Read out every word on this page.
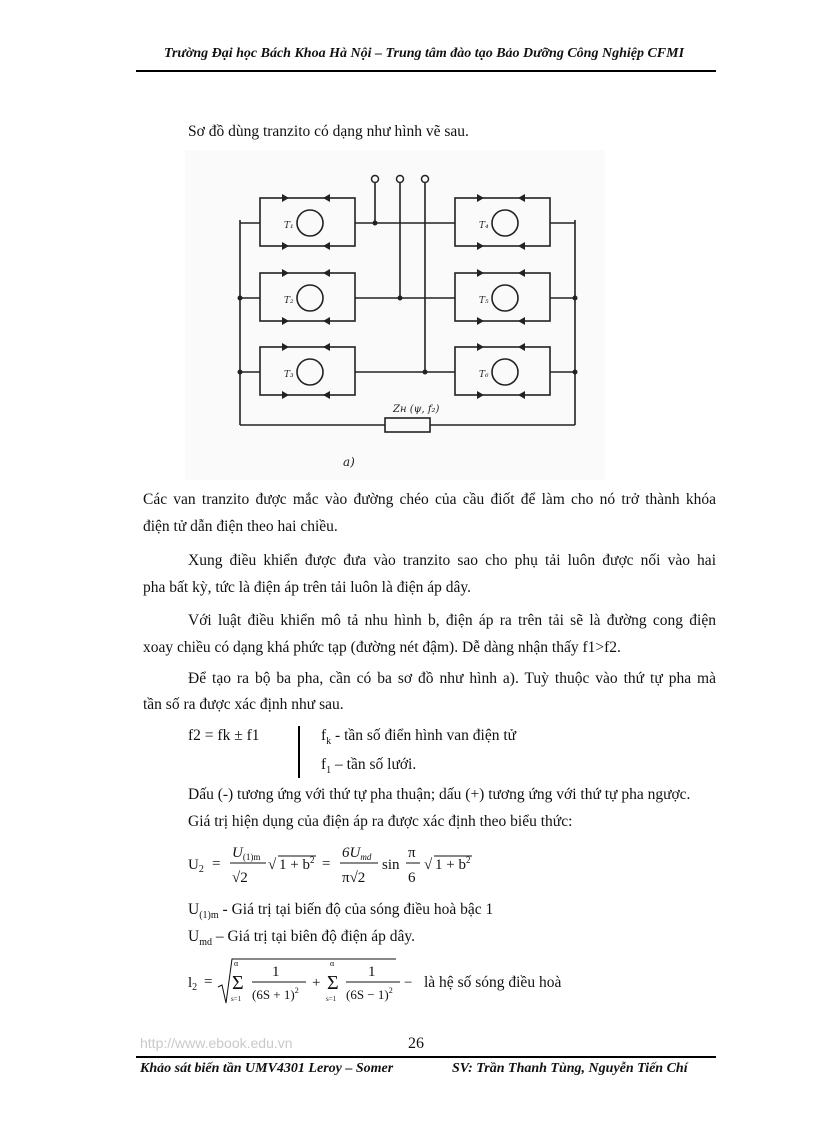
Trường Đại học Bách Khoa Hà Nội – Trung tâm đào tạo Bảo Dưỡng Công Nghiệp CFMI
Sơ đồ dùng tranzito có dạng như hình vẽ sau.
T₁
T₂
T₃
T₄
T₅
T₆
Zн (ψ, f₂)
a)
Các van tranzito được mắc vào đường chéo của cầu điốt để làm cho nó trở thành khóa
điện tử dẫn điện theo hai chiều.
Xung điều khiển được đưa vào tranzito sao cho phụ tải luôn được nối vào hai
pha bất kỳ, tức là điện áp trên tải luôn là điện áp dây.
Với luật điều khiển mô tả nhu hình b, điện áp ra trên tải sẽ là đường cong điện
xoay chiều có dạng khá phức tạp (đường nét đậm). Dễ dàng nhận thấy f1>f2.
Để tạo ra bộ ba pha, cần có ba sơ đồ như hình a). Tuỳ thuộc vào thứ tự pha mà
tần số ra được xác định như sau.
f2 = fk ± f1	$f_k$ - tần số điển hình van điện tử
$f_1$ – tần số lưới.
Dấu (-) tương ứng với thứ tự pha thuận; dấu (+) tương ứng với thứ tự pha ngược.
Giá trị hiện dụng của điện áp ra được xác định theo biểu thức:
$U_2$ =
$U_{(1)m}$
√2
√ $1 + b^2$ =
$6U_{md}$
π√2
sin
π
6
√ $1 + b^2$
$U_{(1)m}$ - Giá trị tại biến độ của sóng điều hoà bậc 1
$U_{md}$ – Giá trị tại biên độ điện áp dây.
$l_2$ =
α
Σ
s=1
1
$(6S + 1)^2$ +
α
Σ
s=1
1
$(6S - 1)^2$ − là hệ số sóng điều hoà
http://www.ebook.edu.vn	26
Khảo sát biến tần UMV4301 Leroy – Somer	SV: Trần Thanh Tùng, Nguyễn Tiến Chí
